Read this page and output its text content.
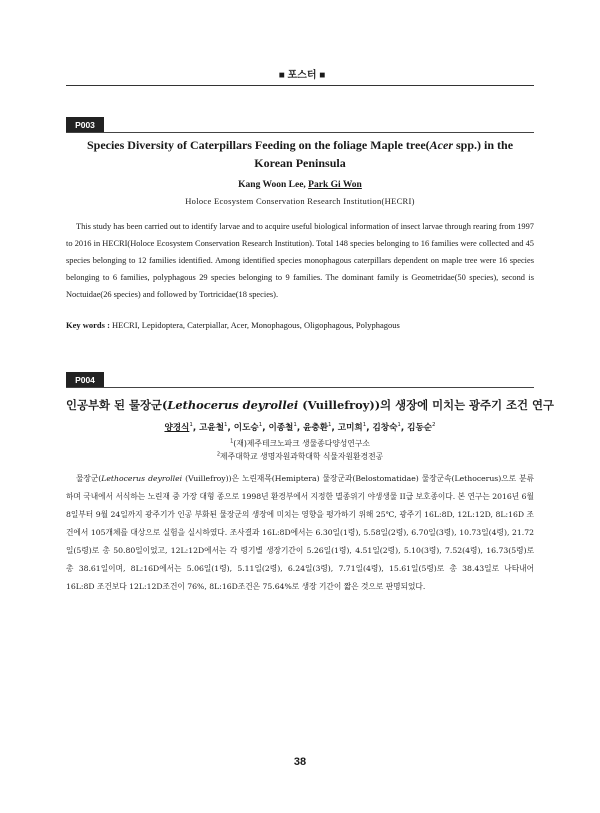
■ 포스터 ■
P003
Species Diversity of Caterpillars Feeding on the foliage Maple tree(Acer spp.) in the Korean Peninsula
Kang Woon Lee, Park Gi Won
Holoce Ecosystem Conservation Research Institution(HECRI)

This study has been carried out to identify larvae and to acquire useful biological information of insect larvae through rearing from 1997 to 2016 in HECRI(Holoce Ecosystem Conservation Research Institution). Total 148 species belonging to 16 families were collected and 45 species belonging to 12 families identified. Among identified species monophagous caterpillars dependent on maple tree were 16 species belonging to 6 families, polyphagous 29 species belonging to 9 families. The dominant family is Geometridae(50 species), second is Noctuidae(26 species) and followed by Tortricidae(18 species).

Key words : HECRI, Lepidoptera, Caterpiallar, Acer, Monophagous, Oligophagous, Polyphagous
P004
인공부화 된 물장군(Lethocerus deyrollei (Vuillefroy))의 생장에 미치는 광주기 조건 연구
양경식$^1$, 고윤철$^1$, 이도승$^1$, 이종철$^1$, 윤충환$^1$, 고미희$^1$, 김창숙$^1$, 김동순$^2$
$^1$(재)제주테크노파크 생물종다양성연구소
$^2$제주대학교 생명자원과학대학 식물자원환경전공

물장군(Lethocerus deyrollei (Vuillefroy))은 노린재목(Hemiptera) 물장군과(Belostomatidae) 물장군속(Lethocerus)으로 분류하며 국내에서 서식하는 노린재 중 가장 대형 종으로 1998년 환경부에서 지정한 멸종위기 야생생물 II급 보호종이다. 본 연구는 2016년 6월 8일부터 9월 24일까지 광주기가 인공 부화된 물장군의 생장에 미치는 영향을 평가하기 위해 25℃, 광주기 16L:8D, 12L:12D, 8L:16D 조건에서 105개체를 대상으로 실험을 실시하였다. 조사결과 16L:8D에서는 6.30일(1령), 5.58일(2령), 6.70일(3령), 10.73일(4령), 21.72일(5령)로 총 50.80일이었고, 12L:12D에서는 각 령기별 생장기간이 5.26일(1령), 4.51일(2령), 5.10(3령), 7.52(4령), 16.73(5령)로 총 38.61일이며, 8L:16D에서는 5.06일(1령), 5.11일(2령), 6.24일(3령), 7.71일(4령), 15.61일(5령)로 총 38.43일로 나타내어 16L:8D 조건보다 12L:12D조건이 76%, 8L:16D조건은 75.64%로 생장 기간이 짧은 것으로 판명되었다.

38
